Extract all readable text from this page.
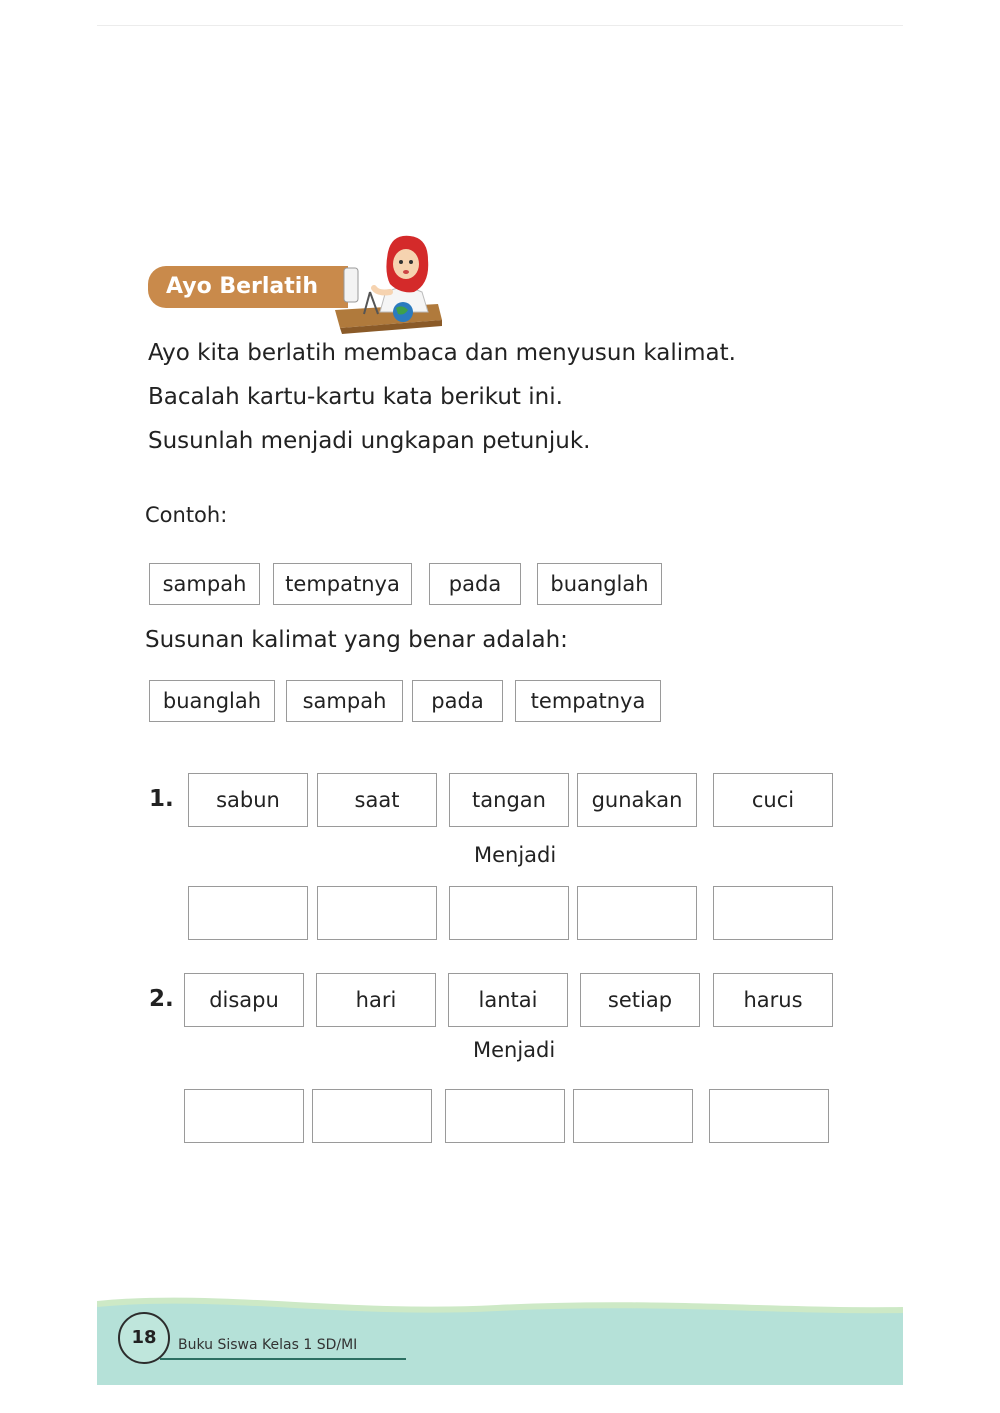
Ayo Berlatih
Ayo kita berlatih membaca dan menyusun kalimat.
Bacalah kartu-kartu kata berikut ini.
Susunlah menjadi ungkapan petunjuk.
Contoh:
sampah	tempatnya	pada	buanglah
Susunan kalimat yang benar adalah:
buanglah	sampah	pada	tempatnya
1.	sabun	saat	tangan	gunakan	cuci
Menjadi
2.	disapu	hari	lantai	setiap	harus
Menjadi
18	Buku Siswa Kelas 1 SD/MI
